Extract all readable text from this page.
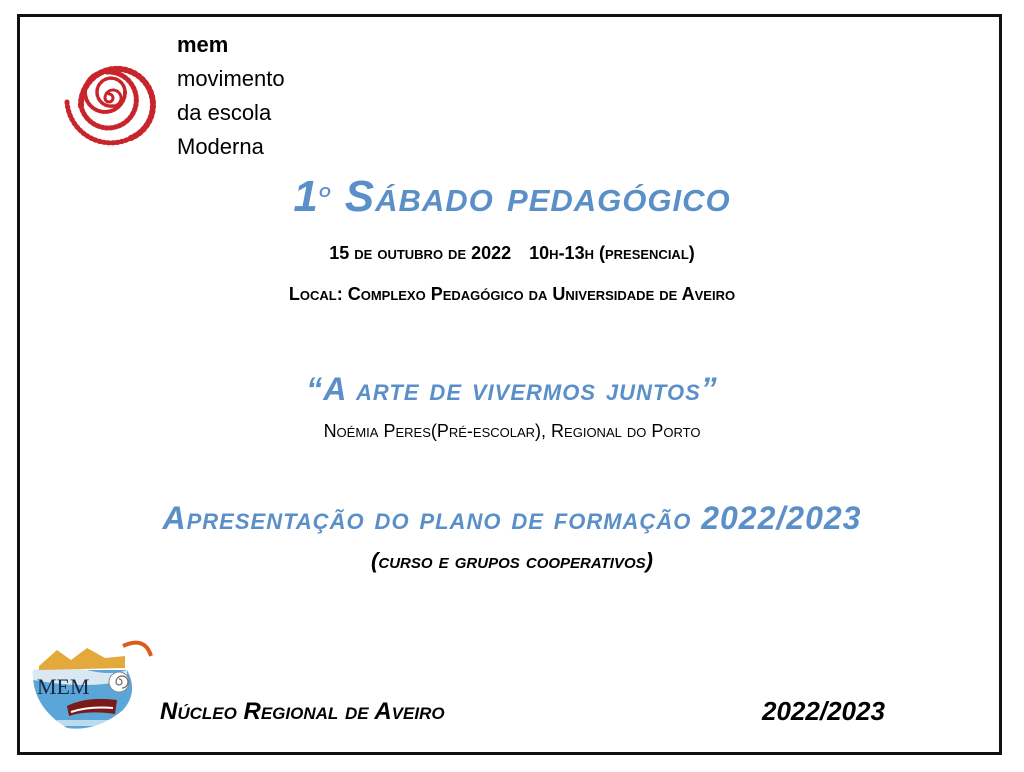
mem
movimento
da escola
Moderna
1$^o$ Sábado pedagógico
15 de outubro de 2022 10h-13h (presencial)
Local: Complexo Pedagógico da Universidade de Aveiro
“A arte de vivermos juntos”
Noémia Peres(Pré-escolar), Regional do Porto
Apresentação do plano de formação 2022/2023
(curso e grupos cooperativos)
MEM
Núcleo Regional de Aveiro	2022/2023
